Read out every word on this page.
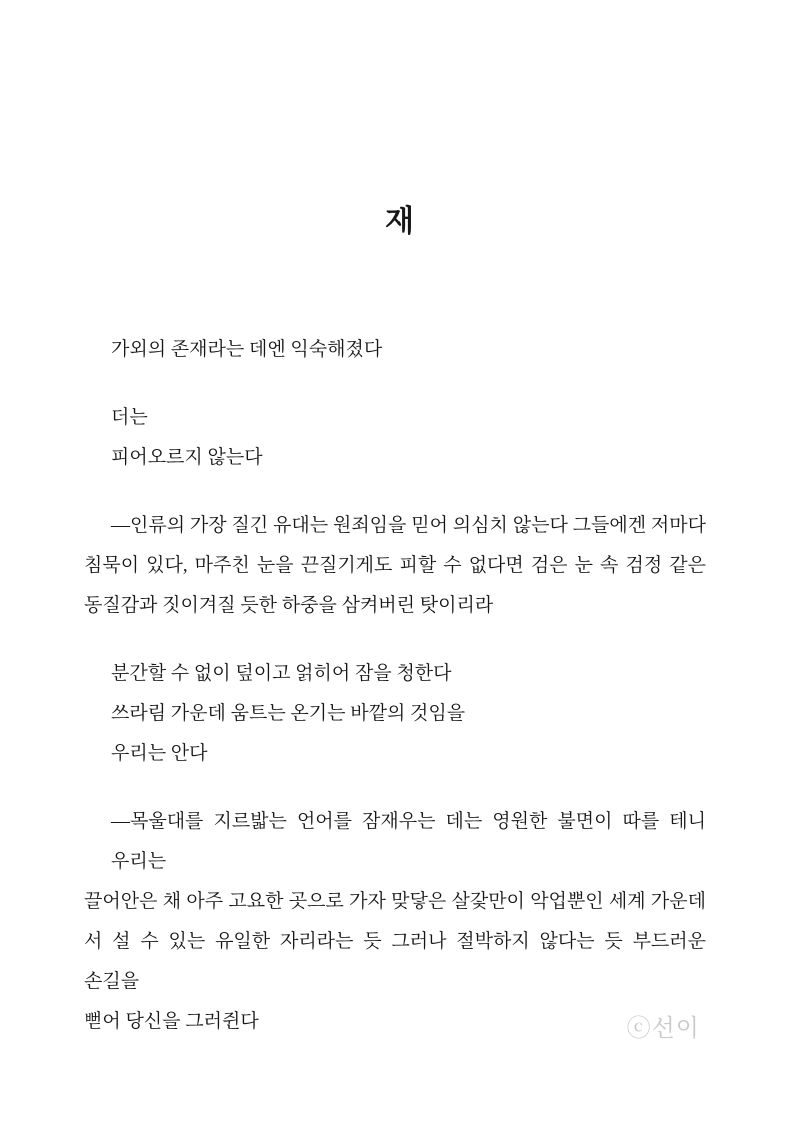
재
가외의 존재라는 데엔 익숙해졌다
더는
피어오르지 않는다
—인류의 가장 질긴 유대는 원죄임을 믿어 의심치 않는다 그들에겐 저마다
침묵이 있다, 마주친 눈을 끈질기게도 피할 수 없다면 검은 눈 속 검정 같은
동질감과 짓이겨질 듯한 하중을 삼켜버린 탓이리라
분간할 수 없이 덮이고 얽히어 잠을 청한다
쓰라림 가운데 움트는 온기는 바깥의 것임을
우리는 안다
—목울대를 지르밟는 언어를 잠재우는 데는 영원한 불면이 따를 테니 우리는
끌어안은 채 아주 고요한 곳으로 가자 맞닿은 살갗만이 악업뿐인 세계 가운데
서 설 수 있는 유일한 자리라는 듯 그러나 절박하지 않다는 듯 부드러운 손길을
뻗어 당신을 그러쥔다	ⓒ선이
